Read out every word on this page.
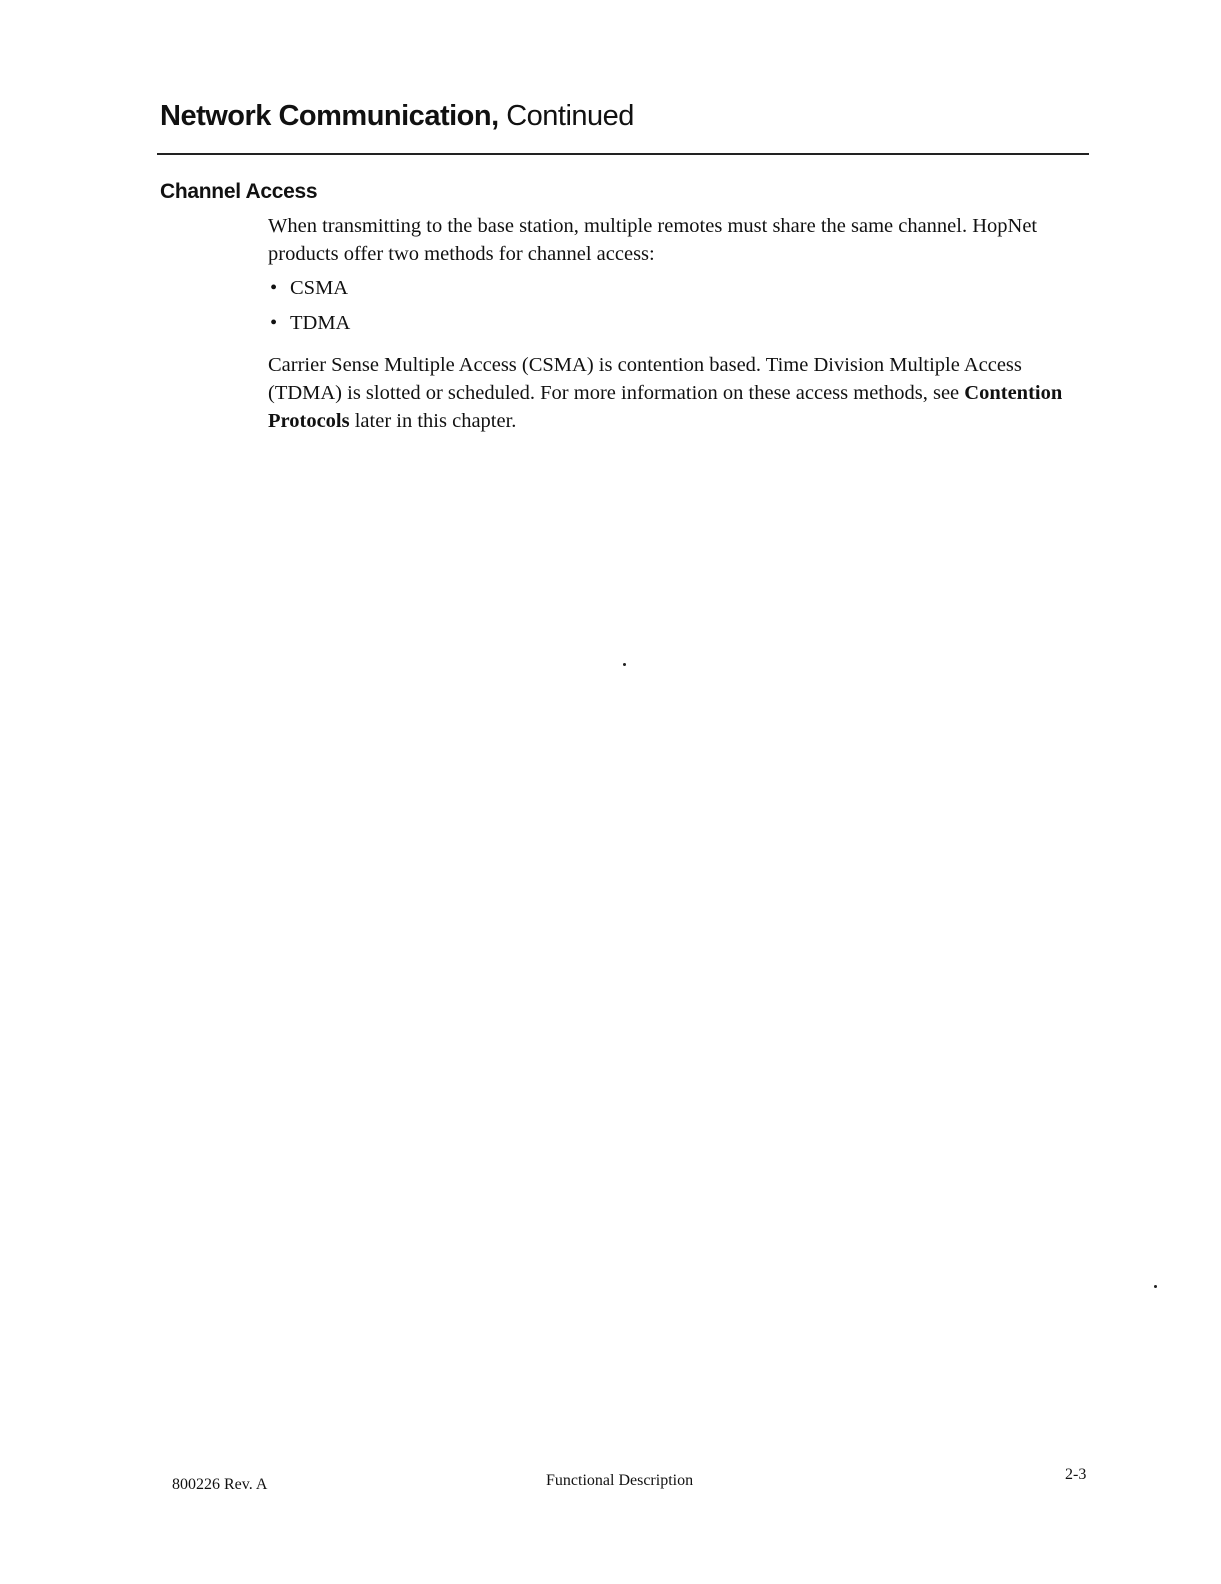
Network Communication, Continued
Channel Access

When transmitting to the base station, multiple remotes must share the same channel. HopNet products offer two methods for channel access:

• CSMA
• TDMA

Carrier Sense Multiple Access (CSMA) is contention based. Time Division Multiple Access (TDMA) is slotted or scheduled. For more information on these access methods, see Contention Protocols later in this chapter.

800226 Rev. A	Functional Description	2-3
